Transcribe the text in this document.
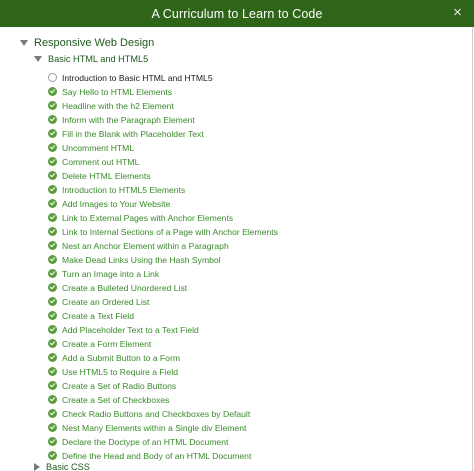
A Curriculum to Learn to Code	×
Responsive Web Design
Basic HTML and HTML5
Introduction to Basic HTML and HTML5
Say Hello to HTML Elements
Headline with the h2 Element
Inform with the Paragraph Element
Fill in the Blank with Placeholder Text
Uncomment HTML
Comment out HTML
Delete HTML Elements
Introduction to HTML5 Elements
Add Images to Your Website
Link to External Pages with Anchor Elements
Link to Internal Sections of a Page with Anchor Elements
Nest an Anchor Element within a Paragraph
Make Dead Links Using the Hash Symbol
Turn an Image into a Link
Create a Bulleted Unordered List
Create an Ordered List
Create a Text Field
Add Placeholder Text to a Text Field
Create a Form Element
Add a Submit Button to a Form
Use HTML5 to Require a Field
Create a Set of Radio Buttons
Create a Set of Checkboxes
Check Radio Buttons and Checkboxes by Default
Nest Many Elements within a Single div Element
Declare the Doctype of an HTML Document
Define the Head and Body of an HTML Document
Basic CSS
